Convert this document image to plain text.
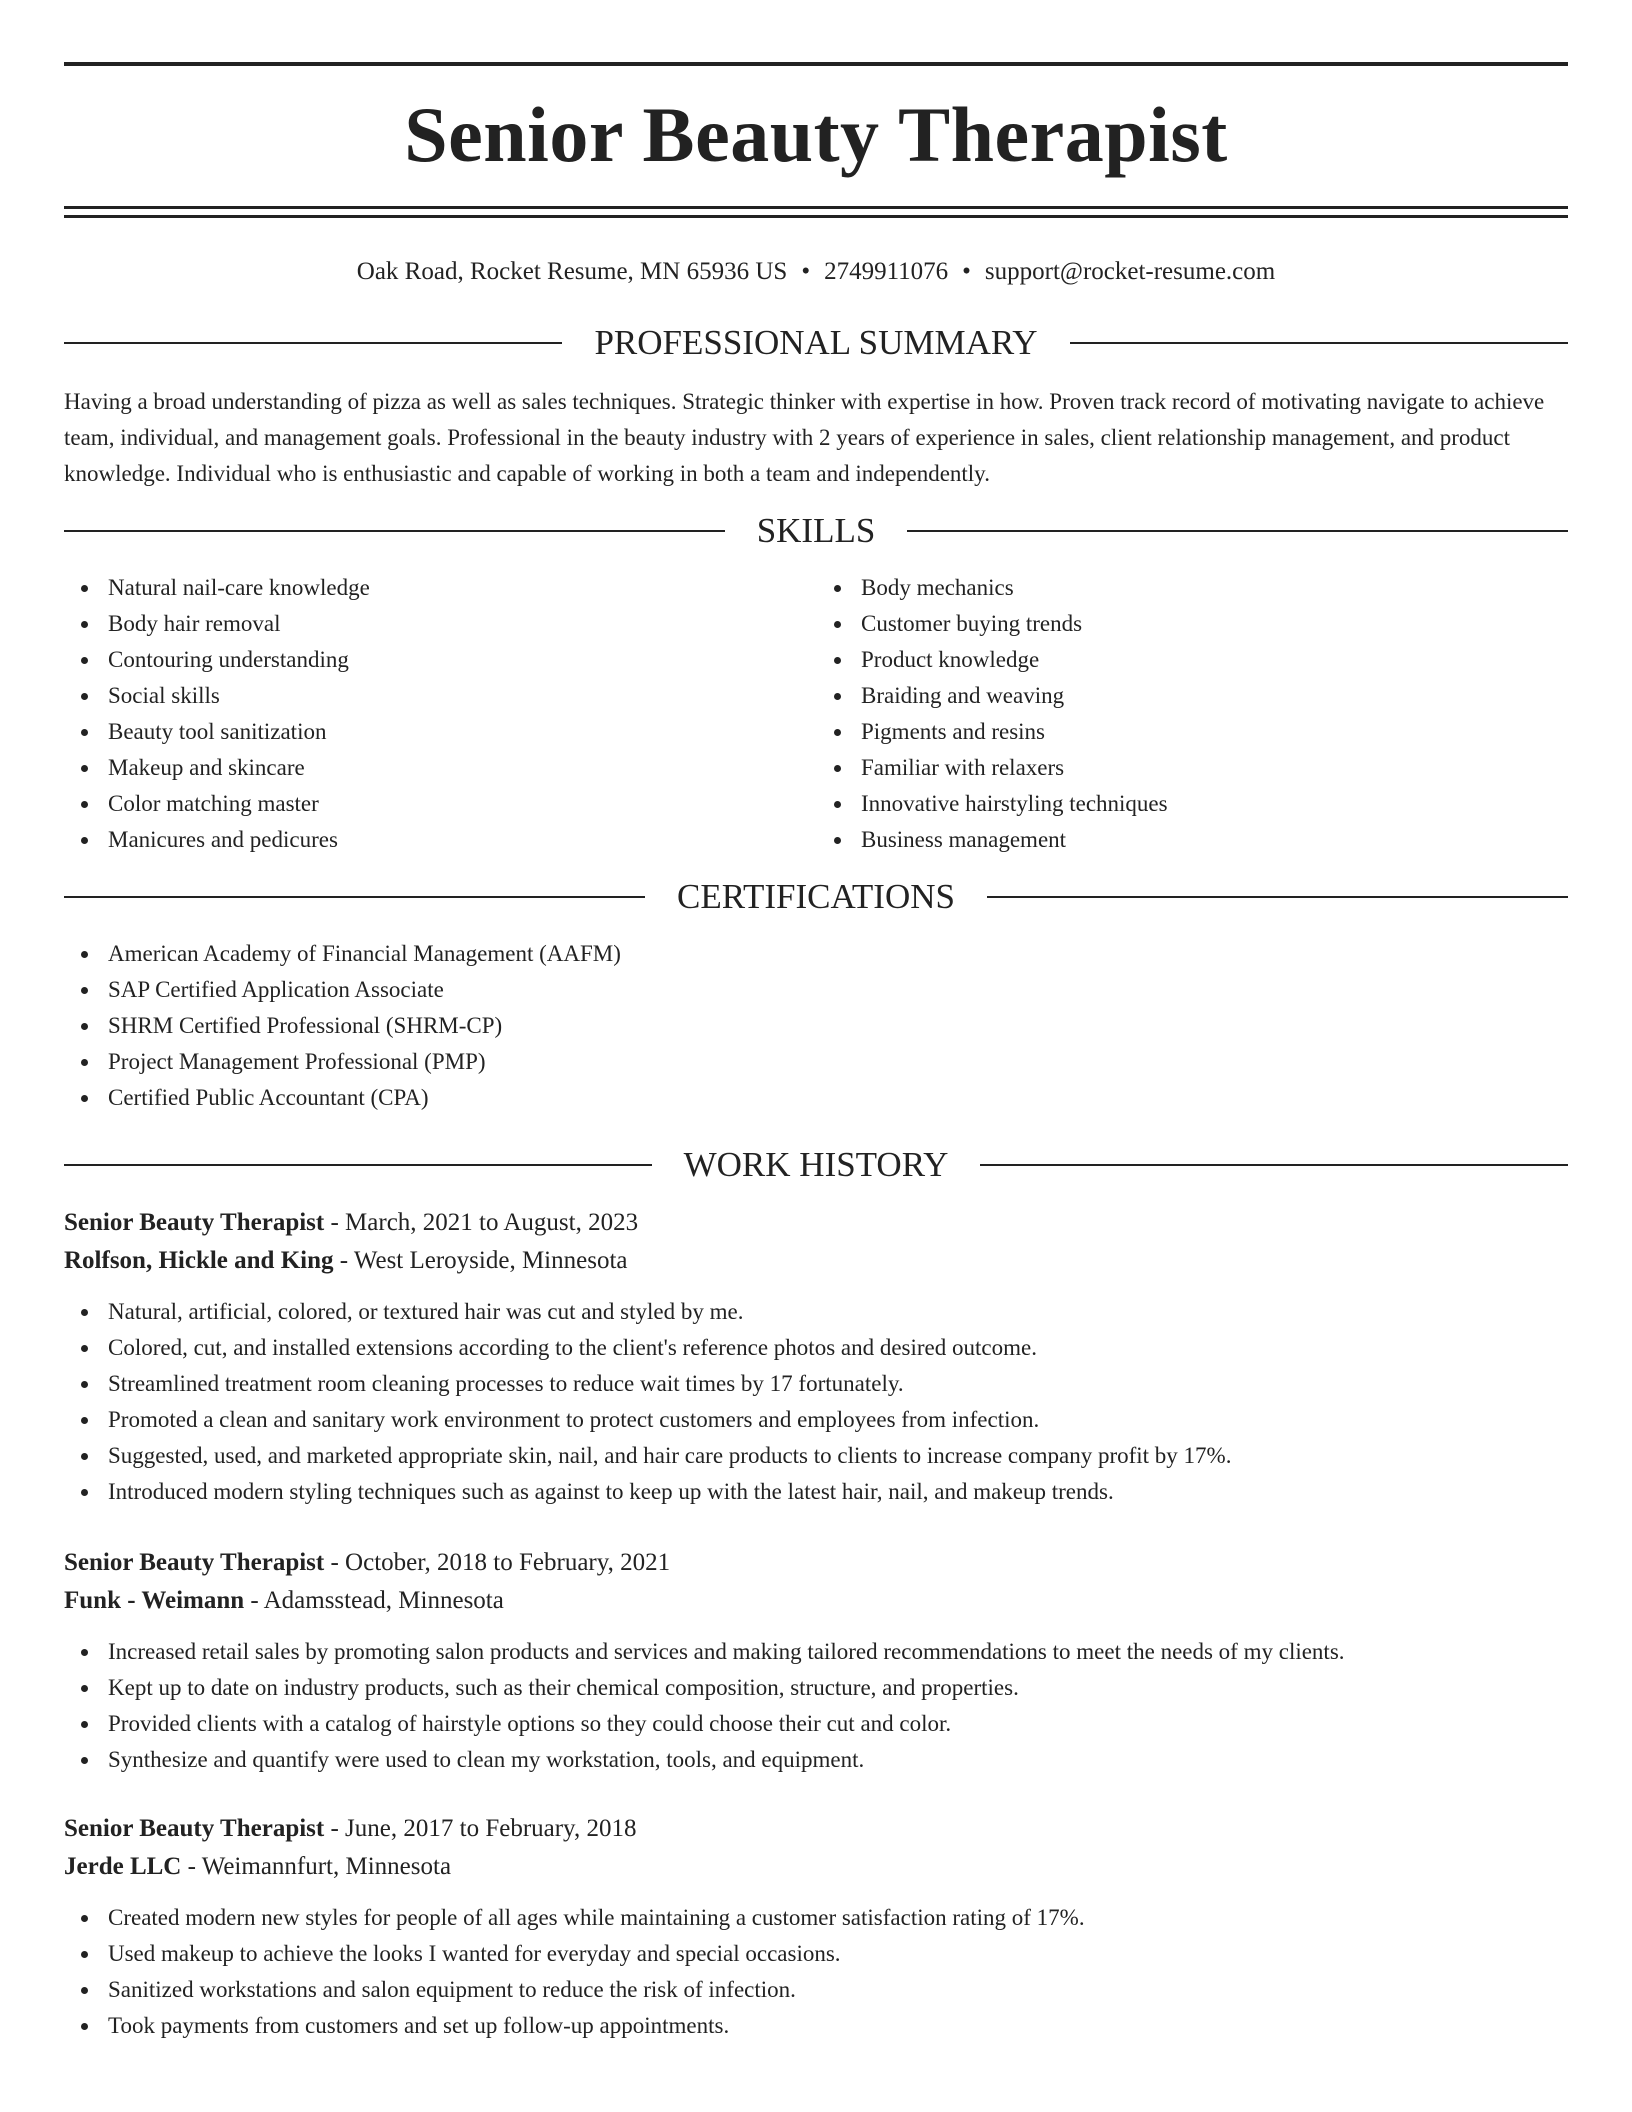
Senior Beauty Therapist
Oak Road, Rocket Resume, MN 65936 US • 2749911076 • support@rocket-resume.com
PROFESSIONAL SUMMARY

Having a broad understanding of pizza as well as sales techniques. Strategic thinker with expertise in how. Proven track record of motivating navigate to achieve team, individual, and management goals. Professional in the beauty industry with 2 years of experience in sales, client relationship management, and product knowledge. Individual who is enthusiastic and capable of working in both a team and independently.

SKILLS
Natural nail-care knowledge
Body hair removal
Contouring understanding
Social skills
Beauty tool sanitization
Makeup and skincare
Color matching master
Manicures and pedicures
Body mechanics
Customer buying trends
Product knowledge
Braiding and weaving
Pigments and resins
Familiar with relaxers
Innovative hairstyling techniques
Business management
CERTIFICATIONS
American Academy of Financial Management (AAFM)
SAP Certified Application Associate
SHRM Certified Professional (SHRM-CP)
Project Management Professional (PMP)
Certified Public Accountant (CPA)
WORK HISTORY
Senior Beauty Therapist - March, 2021 to August, 2023
Rolfson, Hickle and King - West Leroyside, Minnesota
Natural, artificial, colored, or textured hair was cut and styled by me.
Colored, cut, and installed extensions according to the client's reference photos and desired outcome.
Streamlined treatment room cleaning processes to reduce wait times by 17 fortunately.
Promoted a clean and sanitary work environment to protect customers and employees from infection.
Suggested, used, and marketed appropriate skin, nail, and hair care products to clients to increase company profit by 17%.
Introduced modern styling techniques such as against to keep up with the latest hair, nail, and makeup trends.
Senior Beauty Therapist - October, 2018 to February, 2021
Funk - Weimann - Adamsstead, Minnesota
Increased retail sales by promoting salon products and services and making tailored recommendations to meet the needs of my clients.
Kept up to date on industry products, such as their chemical composition, structure, and properties.
Provided clients with a catalog of hairstyle options so they could choose their cut and color.
Synthesize and quantify were used to clean my workstation, tools, and equipment.
Senior Beauty Therapist - June, 2017 to February, 2018
Jerde LLC - Weimannfurt, Minnesota
Created modern new styles for people of all ages while maintaining a customer satisfaction rating of 17%.
Used makeup to achieve the looks I wanted for everyday and special occasions.
Sanitized workstations and salon equipment to reduce the risk of infection.
Took payments from customers and set up follow-up appointments.
